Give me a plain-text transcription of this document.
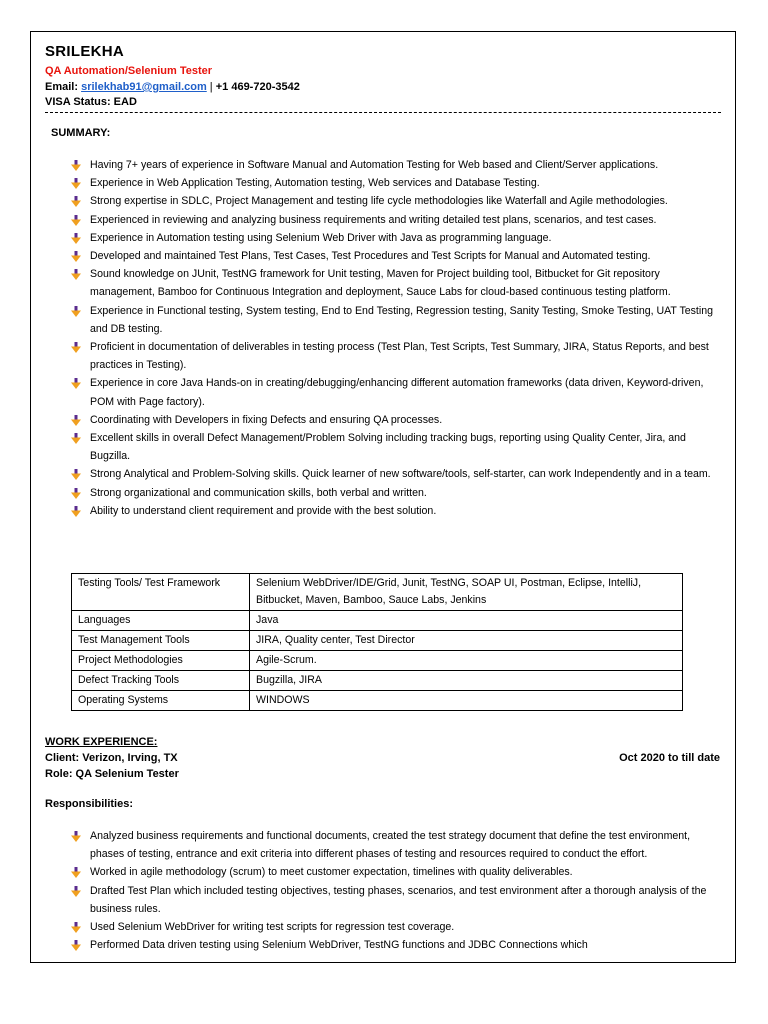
SRILEKHA
QA Automation/Selenium Tester
Email: srilekhab91@gmail.com | +1 469-720-3542
VISA Status: EAD
SUMMARY:
Having 7+ years of experience in Software Manual and Automation Testing for Web based and Client/Server applications.
Experience in Web Application Testing, Automation testing, Web services and Database Testing.
Strong expertise in SDLC, Project Management and testing life cycle methodologies like Waterfall and Agile methodologies.
Experienced in reviewing and analyzing business requirements and writing detailed test plans, scenarios, and test cases.
Experience in Automation testing using Selenium Web Driver with Java as programming language.
Developed and maintained Test Plans, Test Cases, Test Procedures and Test Scripts for Manual and Automated testing.
Sound knowledge on JUnit, TestNG framework for Unit testing, Maven for Project building tool, Bitbucket for Git repository management, Bamboo for Continuous Integration and deployment, Sauce Labs for cloud-based continuous testing platform.
Experience in Functional testing, System testing, End to End Testing, Regression testing, Sanity Testing, Smoke Testing, UAT Testing and DB testing.
Proficient in documentation of deliverables in testing process (Test Plan, Test Scripts, Test Summary, JIRA, Status Reports, and best practices in Testing).
Experience in core Java Hands-on in creating/debugging/enhancing different automation frameworks (data driven, Keyword-driven, POM with Page factory).
Coordinating with Developers in fixing Defects and ensuring QA processes.
Excellent skills in overall Defect Management/Problem Solving including tracking bugs, reporting using Quality Center, Jira, and Bugzilla.
Strong Analytical and Problem-Solving skills. Quick learner of new software/tools, self-starter, can work Independently and in a team.
Strong organizational and communication skills, both verbal and written.
Ability to understand client requirement and provide with the best solution.
Testing Tools/ Test Framework	Selenium WebDriver/IDE/Grid, Junit, TestNG, SOAP UI, Postman, Eclipse, IntelliJ, Bitbucket, Maven, Bamboo, Sauce Labs, Jenkins
Languages	Java
Test Management Tools	JIRA, Quality center, Test Director
Project Methodologies	Agile-Scrum.
Defect Tracking Tools	Bugzilla, JIRA
Operating Systems	WINDOWS
WORK EXPERIENCE:
Client: Verizon, Irving, TX	Oct 2020 to till date
Role: QA Selenium Tester
Responsibilities:
Analyzed business requirements and functional documents, created the test strategy document that define the test environment, phases of testing, entrance and exit criteria into different phases of testing and resources required to conduct the effort.
Worked in agile methodology (scrum) to meet customer expectation, timelines with quality deliverables.
Drafted Test Plan which included testing objectives, testing phases, scenarios, and test environment after a thorough analysis of the business rules.
Used Selenium WebDriver for writing test scripts for regression test coverage.
Performed Data driven testing using Selenium WebDriver, TestNG functions and JDBC Connections which
